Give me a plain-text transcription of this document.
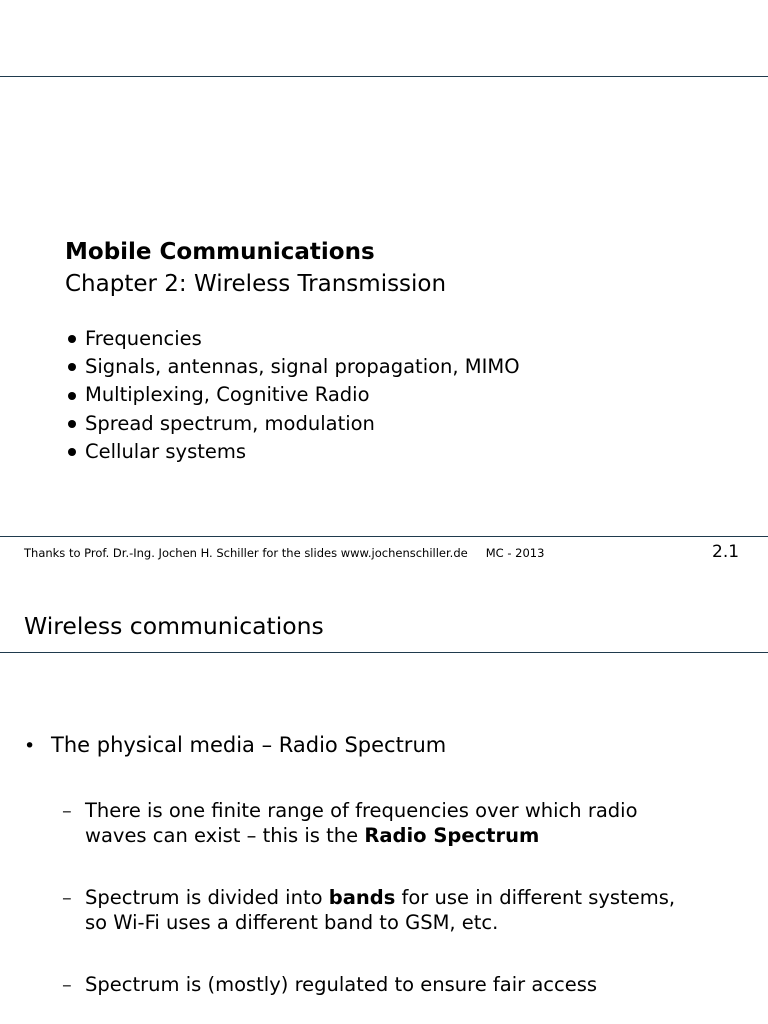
Mobile Communications
Chapter 2: Wireless Transmission
Frequencies
Signals, antennas, signal propagation, MIMO
Multiplexing, Cognitive Radio
Spread spectrum, modulation
Cellular systems
Thanks to Prof. Dr.-Ing. Jochen H. Schiller for the slides www.jochenschiller.de MC - 2013	2.1
Wireless communications
• The physical media – Radio Spectrum
– There is one finite range of frequencies over which radio
waves can exist – this is the Radio Spectrum
– Spectrum is divided into bands for use in different systems,
so Wi-Fi uses a different band to GSM, etc.
– Spectrum is (mostly) regulated to ensure fair access
